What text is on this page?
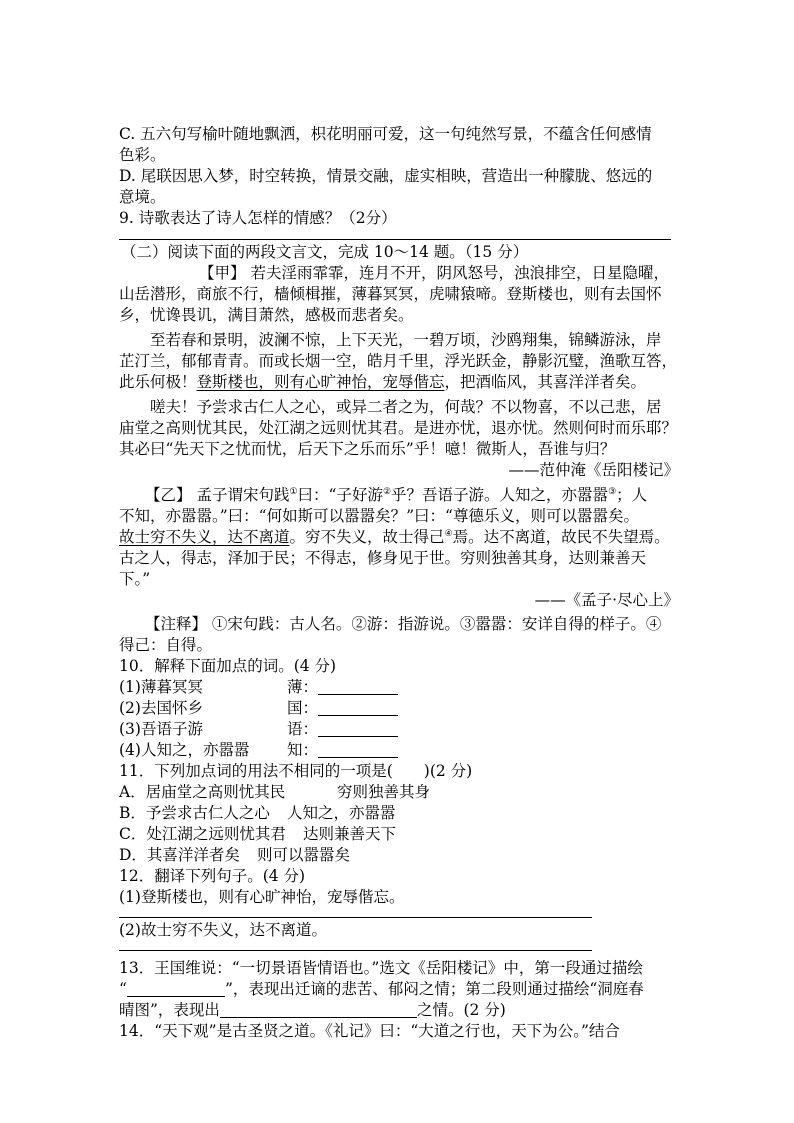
C. 五六句写榆叶随地飘洒，枳花明丽可爱，这一句纯然写景，不蕴含任何感情
色彩。
D. 尾联因思入梦，时空转换，情景交融，虚实相映，营造出一种朦胧、悠远的
意境。
9. 诗歌表达了诗人怎样的情感？（2分）
（二）阅读下面的两段文言文，完成 10～14 题。（15 分）
【甲】 若夫淫雨霏霏，连月不开，阴风怒号，浊浪排空，日星隐曜，
山岳潜形，商旅不行，樯倾楫摧，薄暮冥冥，虎啸猿啼。登斯楼也，则有去国怀
乡，忧谗畏讥，满目萧然，感极而悲者矣。
至若春和景明，波澜不惊，上下天光，一碧万顷，沙鸥翔集，锦鳞游泳，岸
芷汀兰，郁郁青青。而或长烟一空，皓月千里，浮光跃金，静影沉璧，渔歌互答，
此乐何极！登斯楼也，则有心旷神怡，宠辱偕忘，把酒临风，其喜洋洋者矣。
嗟夫！予尝求古仁人之心，或异二者之为，何哉？不以物喜，不以己悲，居
庙堂之高则忧其民，处江湖之远则忧其君。是进亦忧，退亦忧。然则何时而乐耶？
其必曰“先天下之忧而忧，后天下之乐而乐”乎！噫！微斯人，吾谁与归？
——范仲淹《岳阳楼记》
【乙】 孟子谓宋句践①曰：“子好游②乎？吾语子游。人知之，亦嚣嚣③；人
不知，亦嚣嚣。”曰：“何如斯可以嚣嚣矣？”曰：“尊德乐义，则可以嚣嚣矣。
故士穷不失义，达不离道。穷不失义，故士得己④焉。达不离道，故民不失望焉。
古之人，得志，泽加于民；不得志，修身见于世。穷则独善其身，达则兼善天
下。”
——《孟子·尽心上》
【注释】 ①宋句践：古人名。②游：指游说。③嚣嚣：安详自得的样子。④
得己：自得。
10．解释下面加点的词。(4 分)
(1)薄暮冥冥	薄：
(2)去国怀乡	国：
(3)吾语子游	语：
(4)人知之，亦嚣嚣 知：
11．下列加点词的用法不相同的一项是(　　)(2 分)
A．居庙堂之高则忧其民	穷则独善其身
B．予尝求古仁人之心 人知之，亦嚣嚣
C．处江湖之远则忧其君 达则兼善天下
D．其喜洋洋者矣 则可以嚣嚣矣
12．翻译下列句子。(4 分)
(1)登斯楼也，则有心旷神怡，宠辱偕忘。
(2)故士穷不失义，达不离道。
13．王国维说：“一切景语皆情语也。”选文《岳阳楼记》中，第一段通过描绘
“	”，表现出迁谪的悲苦、郁闷之情；第二段则通过描绘“洞庭春
晴图”，表现出	之情。(2 分)
14．“天下观”是古圣贤之道。《礼记》曰：“大道之行也，天下为公。”结合
